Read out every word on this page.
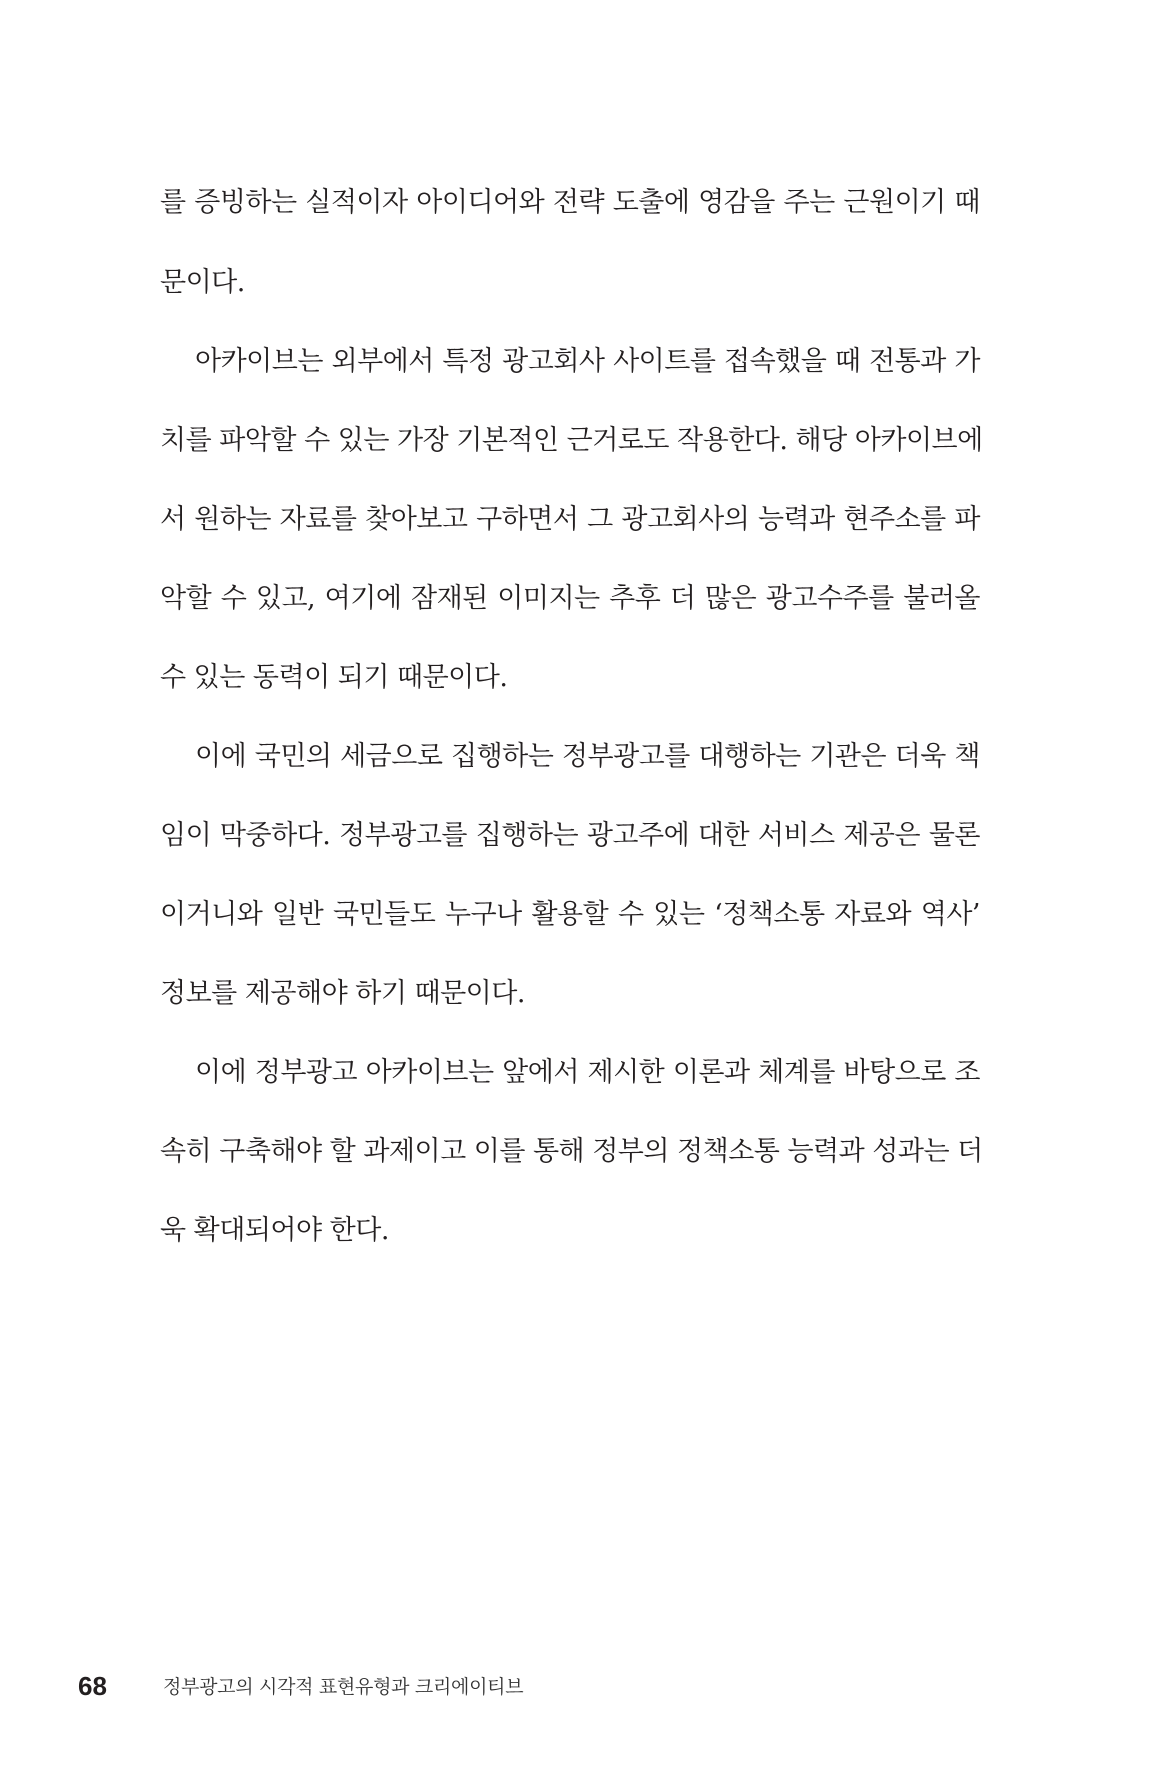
를 증빙하는 실적이자 아이디어와 전략 도출에 영감을 주는 근원이기 때
문이다.
아카이브는 외부에서 특정 광고회사 사이트를 접속했을 때 전통과 가
치를 파악할 수 있는 가장 기본적인 근거로도 작용한다. 해당 아카이브에
서 원하는 자료를 찾아보고 구하면서 그 광고회사의 능력과 현주소를 파
악할 수 있고, 여기에 잠재된 이미지는 추후 더 많은 광고수주를 불러올
수 있는 동력이 되기 때문이다.
이에 국민의 세금으로 집행하는 정부광고를 대행하는 기관은 더욱 책
임이 막중하다. 정부광고를 집행하는 광고주에 대한 서비스 제공은 물론
이거니와 일반 국민들도 누구나 활용할 수 있는 ‘정책소통 자료와 역사’
정보를 제공해야 하기 때문이다.
이에 정부광고 아카이브는 앞에서 제시한 이론과 체계를 바탕으로 조
속히 구축해야 할 과제이고 이를 통해 정부의 정책소통 능력과 성과는 더
욱 확대되어야 한다.
68	정부광고의 시각적 표현유형과 크리에이티브
